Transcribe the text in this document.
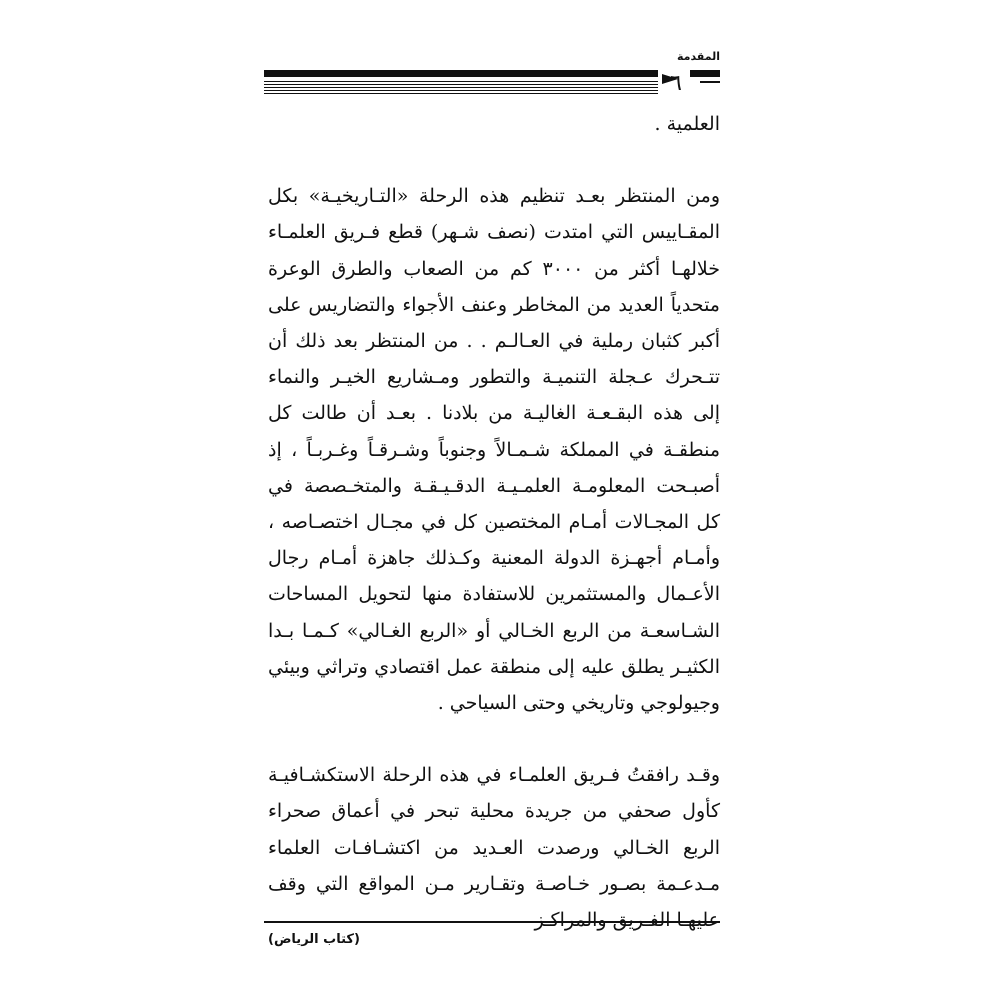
المقدمة

٦

العلمية .

ومن المنتظر بعـد تنظيم هذه الرحلة «التـاريخيـة» بكل المقـاييس التي امتدت (نصف شـهر) قطع فـريق العلمـاء خلالهـا أكثر من ٣٠٠٠ كم من الصعاب والطرق الوعرة متحدياً العديد من المخاطر وعنف الأجواء والتضاريس على أكبر كثبان رملية في العـالـم . . من المنتظر بعد ذلك أن تتـحرك عـجلة التنميـة والتطور ومـشاريع الخيـر والنماء إلى هذه البقـعـة الغاليـة من بلادنا . بعـد أن طالت كل منطقـة في المملكة شـمـالاً وجنوباً وشـرقـاً وغـربـاً ، إذ أصبـحت المعلومـة العلمـيـة الدقـيـقـة والمتخـصصة في كل المجـالات أمـام المختصين كل في مجـال اختصـاصه ، وأمـام أجهـزة الدولة المعنية وكـذلك جاهزة أمـام رجال الأعـمال والمستثمرين للاستفادة منها لتحويل المساحات الشـاسعـة من الربع الخـالي أو «الربع الغـالي» كـمـا بـدا الكثيـر يطلق عليه إلى منطقة عمل اقتصادي وتراثي وبيئي وجيولوجي وتاريخي وحتى السياحي .

وقـد رافقتُ فـريق العلمـاء في هذه الرحلة الاستكشـافيـة كأول صحفي من جريدة محلية تبحر في أعماق صحراء الربع الخـالي ورصدت العـديد من اكتشـافـات العلماء مـدعـمة بصـور خـاصـة وتقـارير مـن المواقع التي وقف

(كتاب الرياض)
